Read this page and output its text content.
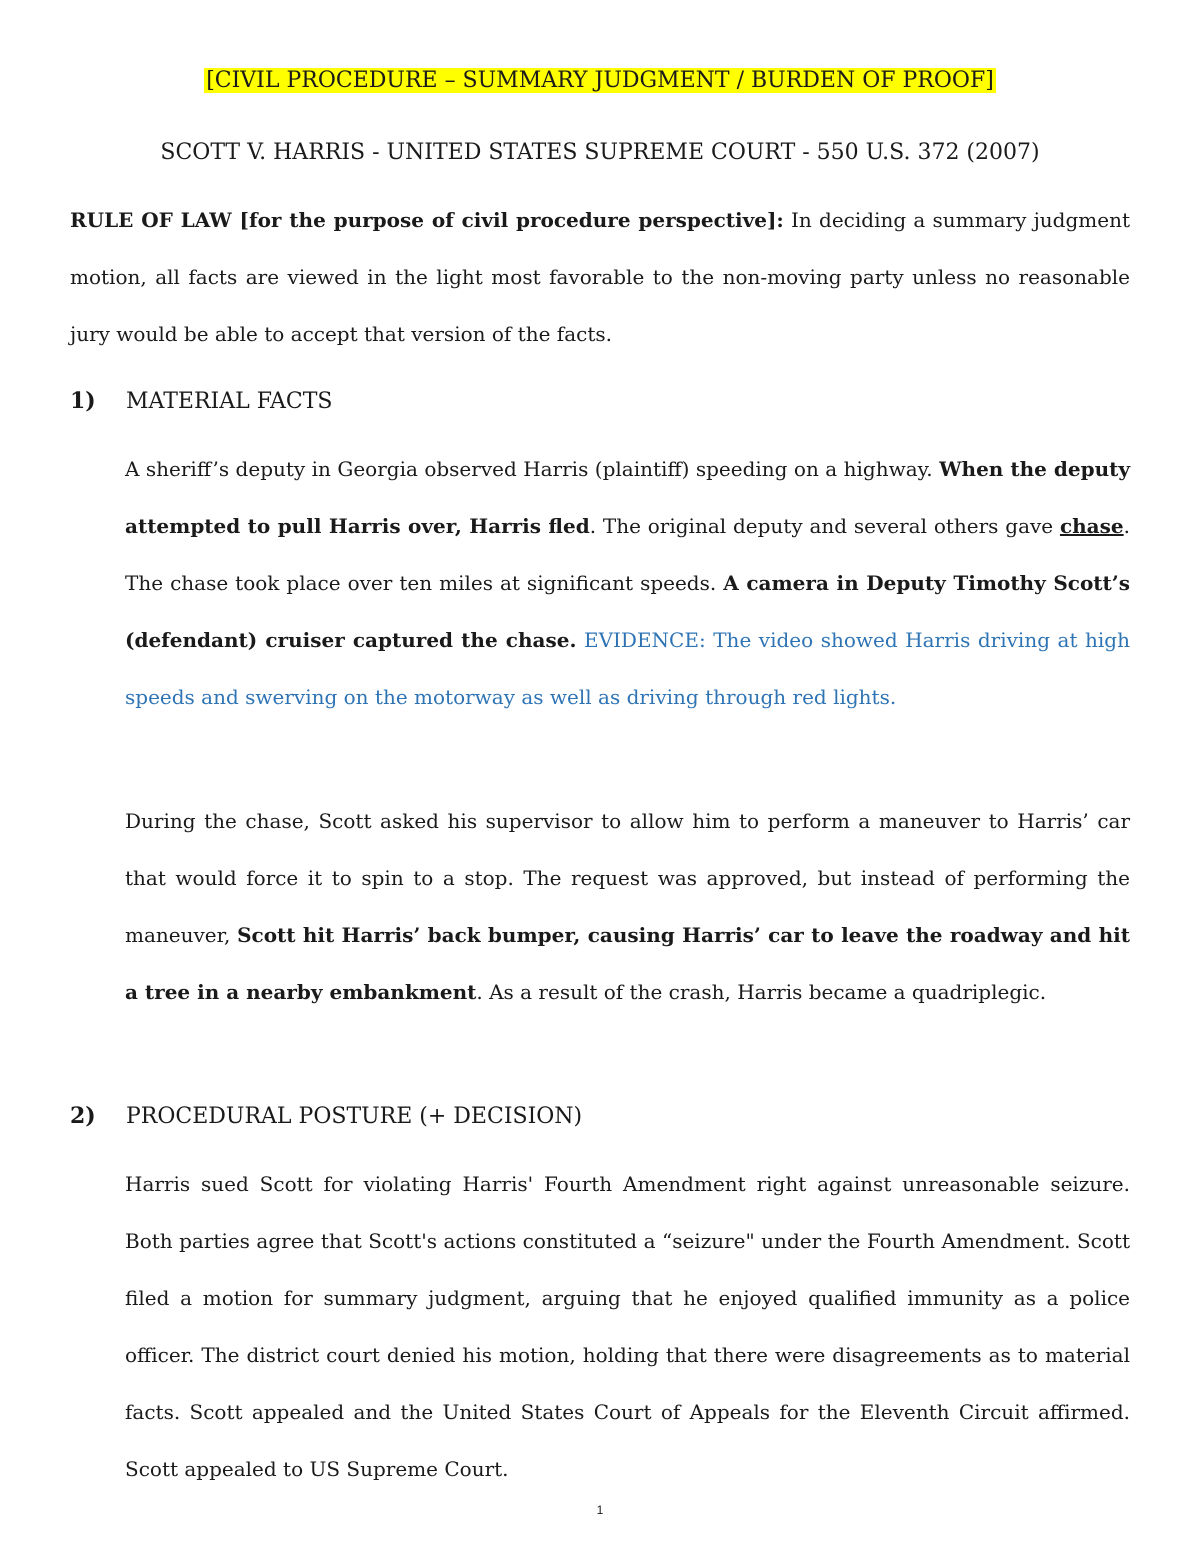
[CIVIL PROCEDURE – SUMMARY JUDGMENT / BURDEN OF PROOF]
SCOTT V. HARRIS - UNITED STATES SUPREME COURT - 550 U.S. 372 (2007)
RULE OF LAW [for the purpose of civil procedure perspective]: In deciding a summary judgment motion, all facts are viewed in the light most favorable to the non-moving party unless no reasonable jury would be able to accept that version of the facts.
1) MATERIAL FACTS
A sheriff’s deputy in Georgia observed Harris (plaintiff) speeding on a highway. When the deputy attempted to pull Harris over, Harris fled. The original deputy and several others gave chase. The chase took place over ten miles at significant speeds. A camera in Deputy Timothy Scott’s (defendant) cruiser captured the chase. EVIDENCE: The video showed Harris driving at high speeds and swerving on the motorway as well as driving through red lights.
During the chase, Scott asked his supervisor to allow him to perform a maneuver to Harris’ car that would force it to spin to a stop. The request was approved, but instead of performing the maneuver, Scott hit Harris’ back bumper, causing Harris’ car to leave the roadway and hit a tree in a nearby embankment. As a result of the crash, Harris became a quadriplegic.
2) PROCEDURAL POSTURE (+ DECISION)
Harris sued Scott for violating Harris' Fourth Amendment right against unreasonable seizure. Both parties agree that Scott's actions constituted a “seizure" under the Fourth Amendment. Scott filed a motion for summary judgment, arguing that he enjoyed qualified immunity as a police officer. The district court denied his motion, holding that there were disagreements as to material facts. Scott appealed and the United States Court of Appeals for the Eleventh Circuit affirmed. Scott appealed to US Supreme Court.
1
